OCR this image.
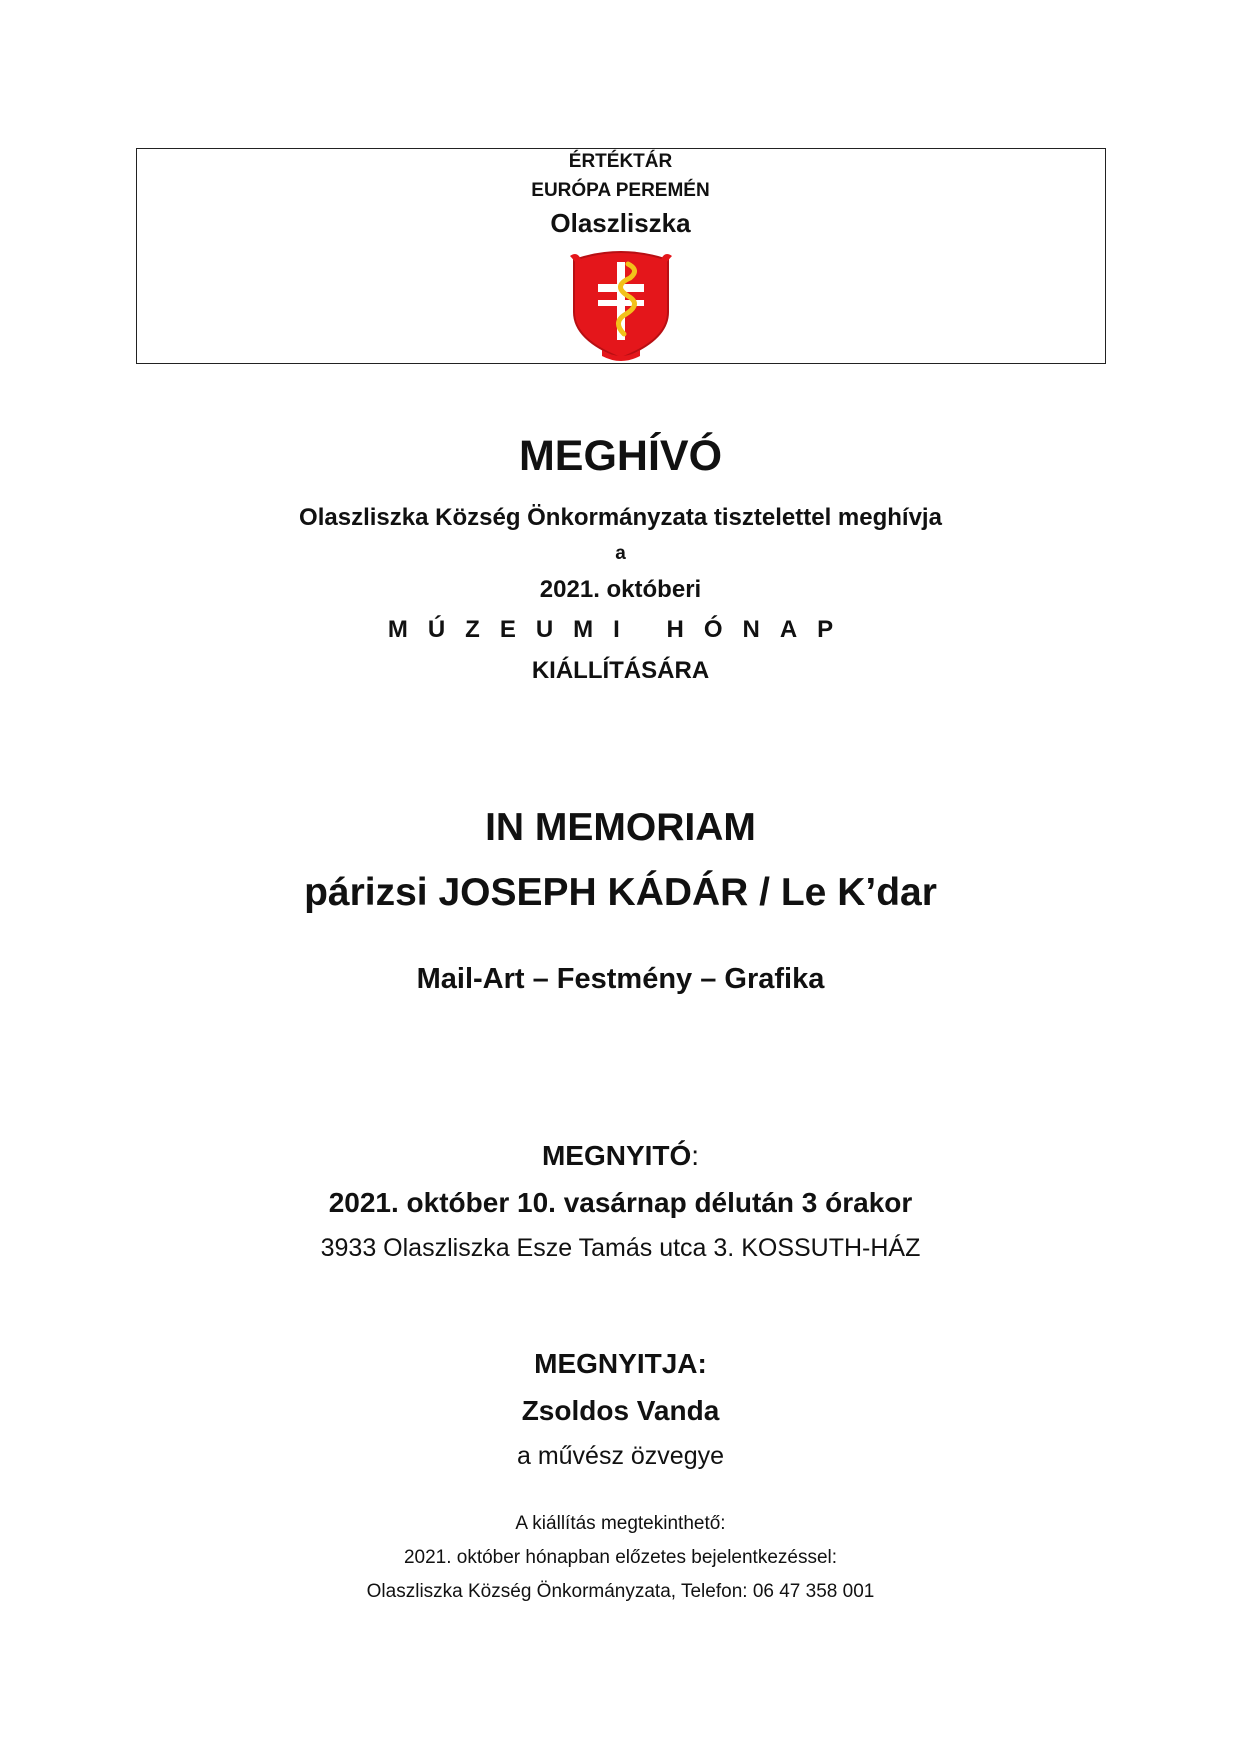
ÉRTÉKTÁR
EURÓPA PEREMÉN
Olaszliszka
MEGHÍVÓ
Olaszliszka Község Önkormányzata tisztelettel meghívja
a
2021. októberi
MÚZEUMI HÓNAP
KIÁLLÍTÁSÁRA
IN MEMORIAM
párizsi JOSEPH KÁDÁR / Le K’dar
Mail-Art – Festmény – Grafika
MEGNYITÓ:
2021. október 10. vasárnap délután 3 órakor
3933 Olaszliszka Esze Tamás utca 3. KOSSUTH-HÁZ
MEGNYITJA:
Zsoldos Vanda
a művész özvegye
A kiállítás megtekinthető:
2021. október hónapban előzetes bejelentkezéssel:
Olaszliszka Község Önkormányzata, Telefon: 06 47 358 001
